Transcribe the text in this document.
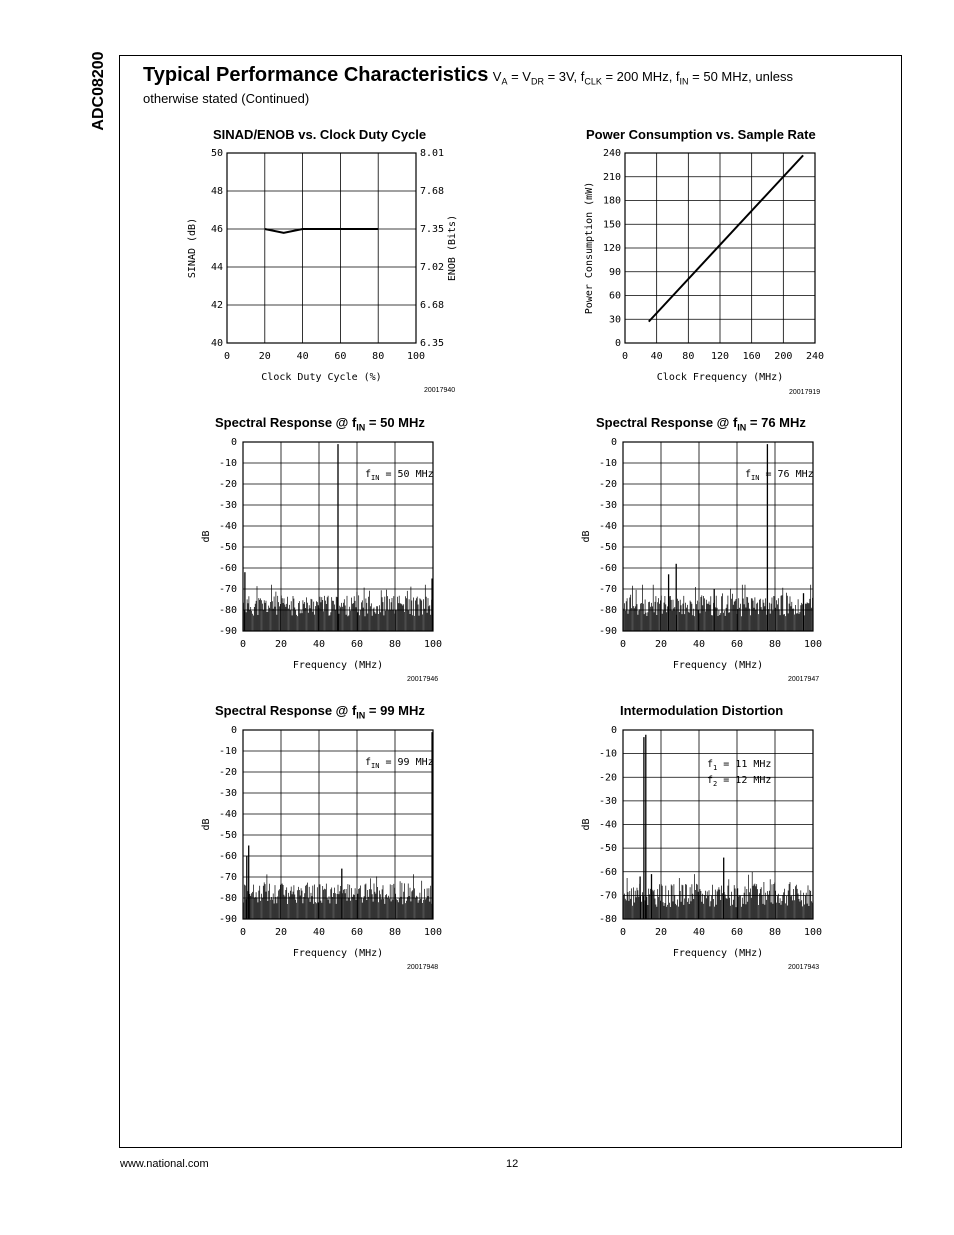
ADC08200 Typical Performance Characteristics $V_A = V_{DR} = 3V$, $f_{CLK} = 200$ MHz, $f_{IN} = 50$ MHz, unless
otherwise stated (Continued)
SINAD/ENOB vs. Clock Duty Cycle	Power Consumption vs. Sample Rate
Spectral Response @ $f_{IN} = 50$ MHz	Spectral Response @ $f_{IN} = 76$ MHz
Spectral Response @ $f_{IN} = 99$ MHz	Intermodulation Distortion
0	20	40	60	80 100
40
42
44
46
48
50
6.35
6.68
7.02
7.35
7.68
8.01
Clock Duty Cycle (%)
SINAD (dB)	ENOB (Bits)
0 40 80 120 160 200 240
0
30
60
90
120
150
180
210
240
Clock Frequency (MHz)
Power Consumption (mW)
0	20	40	60	80 100
0
-10
-20
-30
-40
-50
-60
-70
-80
-90
Frequency (MHz)
dB
$f_{IN} = 50$ MHz
0	20	40	60	80 100
0
-10
-20
-30
-40
-50
-60
-70
-80
-90
Frequency (MHz)
dB
$f_{IN} = 76$ MHz
0	20	40	60	80 100
0
-10
-20
-30
-40
-50
-60
-70
-80
-90
Frequency (MHz)
dB
$f_{IN} = 99$ MHz
0	20	40	60	80 100
0
-10
-20
-30
-40
-50
-60
-70
-80
Frequency (MHz)
dB
$f_1 = 11$ MHz
$f_2 = 12$ MHz
20017940	20017919
20017946	20017947
20017948	20017943
www.national.com	12
